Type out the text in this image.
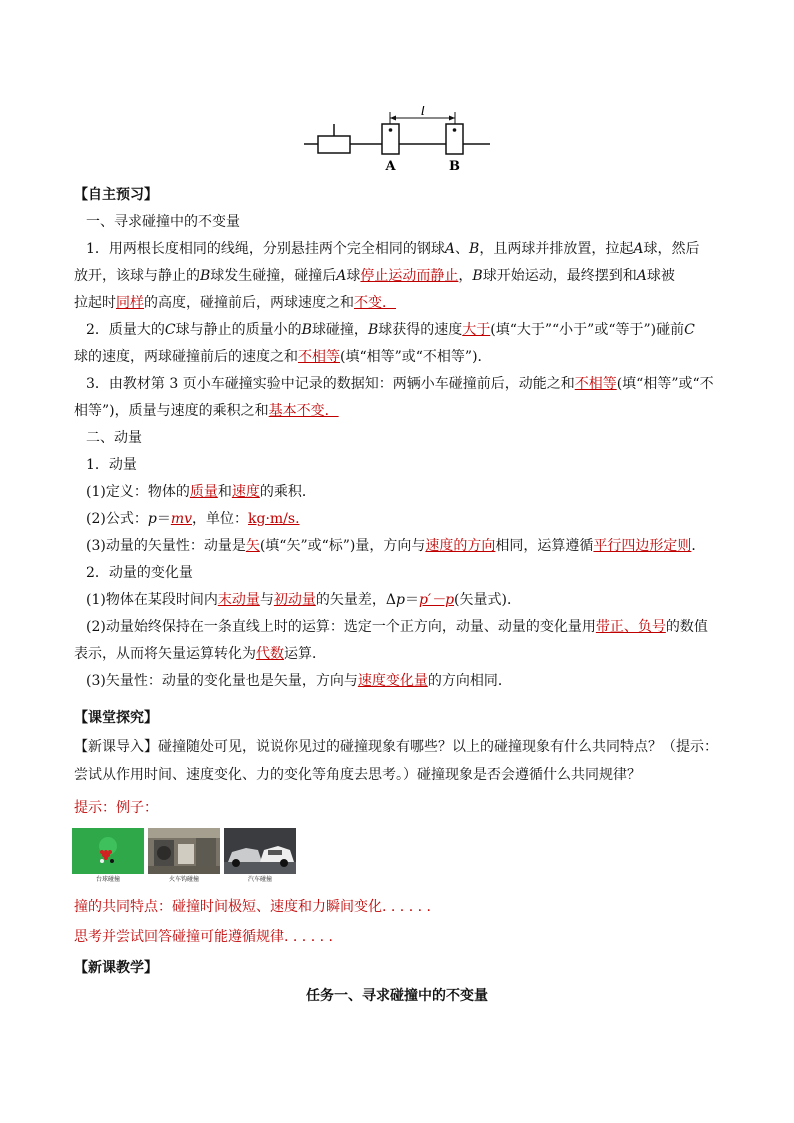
l
A	B
【自主预习】
一、寻求碰撞中的不变量
1．用两根长度相同的线绳，分别悬挂两个完全相同的钢球A、B，且两球并排放置，拉起A球，然后
放开，该球与静止的B球发生碰撞，碰撞后A球停止运动而静止，B球开始运动，最终摆到和A球被
拉起时同样的高度，碰撞前后，两球速度之和不变．
2．质量大的C球与静止的质量小的B球碰撞，B球获得的速度大于(填“大于”“小于”或“等于”)碰前C
球的速度，两球碰撞前后的速度之和不相等(填“相等”或“不相等”)．
3．由教材第 3 页小车碰撞实验中记录的数据知：两辆小车碰撞前后，动能之和不相等(填“相等”或“不
相等”)，质量与速度的乘积之和基本不变．
二、动量
1．动量
(1)定义：物体的质量和速度的乘积．
(2)公式：p＝mv，单位：kg·m/s.
(3)动量的矢量性：动量是矢(填“矢”或“标”)量，方向与速度的方向相同，运算遵循平行四边形定则．
2．动量的变化量
(1)物体在某段时间内末动量与初动量的矢量差，Δp＝p′－p(矢量式)．
(2)动量始终保持在一条直线上时的运算：选定一个正方向，动量、动量的变化量用带正、负号的数值
表示，从而将矢量运算转化为代数运算．
(3)矢量性：动量的变化量也是矢量，方向与速度变化量的方向相同．
【课堂探究】
【新课导入】碰撞随处可见，说说你见过的碰撞现象有哪些？以上的碰撞现象有什么共同特点？（提示：
尝试从作用时间、速度变化、力的变化等角度去思考。）碰撞现象是否会遵循什么共同规律？
提示：例子：
台球碰撞	火车钩碰撞	汽车碰撞
撞的共同特点：碰撞时间极短、速度和力瞬间变化. . . . . .
思考并尝试回答碰撞可能遵循规律. . . . . .
【新课教学】
任务一、寻求碰撞中的不变量
